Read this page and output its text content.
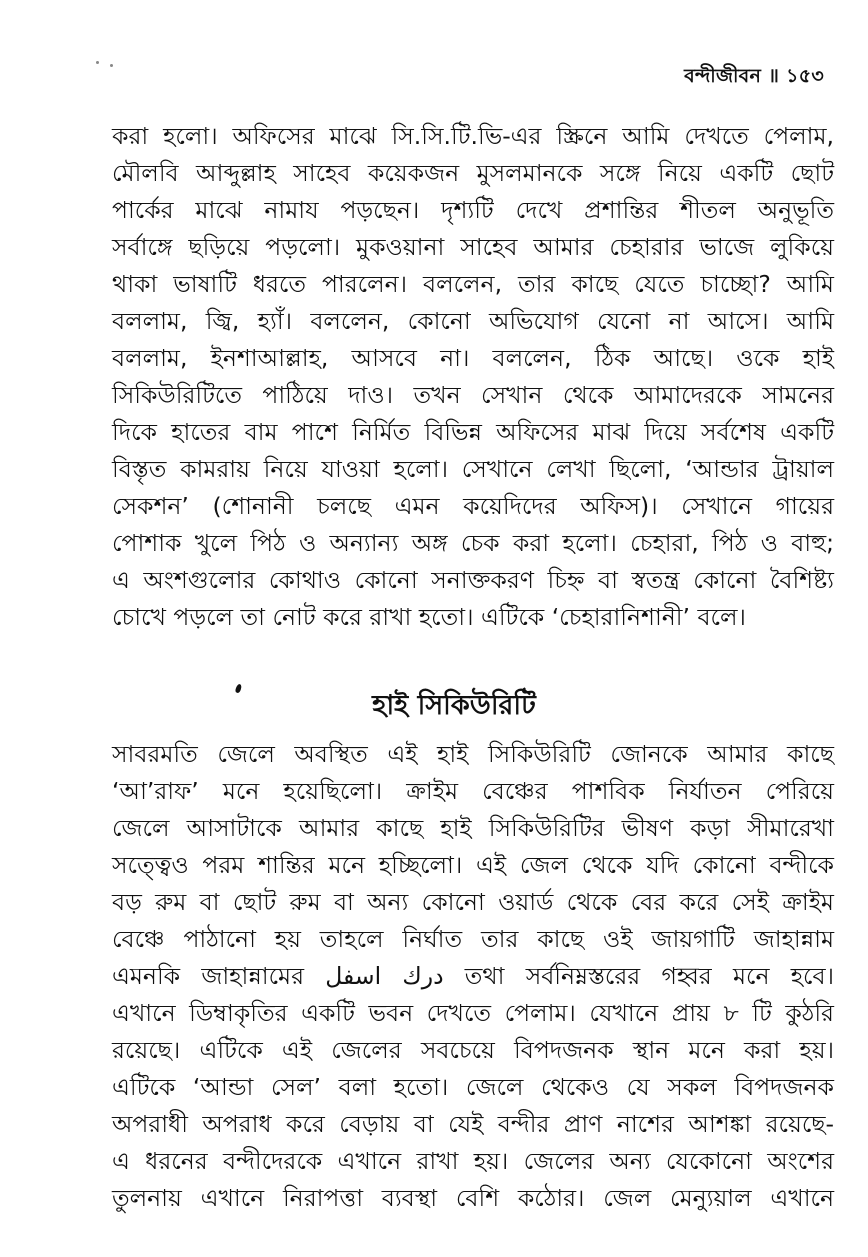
বন্দীজীবন ॥ ১৫৩
করা হলো। অফিসের মাঝে সি.সি.টি.ভি-এর স্ক্রিনে আমি দেখতে পেলাম,
মৌলবি আব্দুল্লাহ সাহেব কয়েকজন মুসলমানকে সঙ্গে নিয়ে একটি ছোট
পার্কের মাঝে নামায পড়ছেন। দৃশ্যটি দেখে প্রশান্তির শীতল অনুভূতি
সর্বাঙ্গে ছড়িয়ে পড়লো। মুকওয়ানা সাহেব আমার চেহারার ভাজে লুকিয়ে
থাকা ভাষাটি ধরতে পারলেন। বললেন, তার কাছে যেতে চাচ্ছো? আমি
বললাম, জ্বি, হ্যাঁ। বললেন, কোনো অভিযোগ যেনো না আসে। আমি
বললাম, ইনশাআল্লাহ, আসবে না। বললেন, ঠিক আছে। ওকে হাই
সিকিউরিটিতে পাঠিয়ে দাও। তখন সেখান থেকে আমাদেরকে সামনের
দিকে হাতের বাম পাশে নির্মিত বিভিন্ন অফিসের মাঝ দিয়ে সর্বশেষ একটি
বিস্তৃত কামরায় নিয়ে যাওয়া হলো। সেখানে লেখা ছিলো, ‘আন্ডার ট্রায়াল
সেকশন’ (শোনানী চলছে এমন কয়েদিদের অফিস)। সেখানে গায়ের
পোশাক খুলে পিঠ ও অন্যান্য অঙ্গ চেক করা হলো। চেহারা, পিঠ ও বাহু;
এ অংশগুলোর কোথাও কোনো সনাক্তকরণ চিহ্ন বা স্বতন্ত্র কোনো বৈশিষ্ট্য
চোখে পড়লে তা নোট করে রাখা হতো। এটিকে ‘চেহারানিশানী’ বলে।
হাই সিকিউরিটি
সাবরমতি জেলে অবস্থিত এই হাই সিকিউরিটি জোনকে আমার কাছে
‘আ’রাফ’ মনে হয়েছিলো। ক্রাইম বেঞ্চের পাশবিক নির্যাতন পেরিয়ে
জেলে আসাটাকে আমার কাছে হাই সিকিউরিটির ভীষণ কড়া সীমারেখা
সত্ত্বেও পরম শান্তির মনে হচ্ছিলো। এই জেল থেকে যদি কোনো বন্দীকে
বড় রুম বা ছোট রুম বা অন্য কোনো ওয়ার্ড থেকে বের করে সেই ক্রাইম
বেঞ্চে পাঠানো হয় তাহলে নির্ঘাত তার কাছে ওই জায়গাটি জাহান্নাম
এমনকি জাহান্নামের درك اسفل তথা সর্বনিম্নস্তরের গহ্বর মনে হবে।
এখানে ডিম্বাকৃতির একটি ভবন দেখতে পেলাম। যেখানে প্রায় ৮ টি কুঠরি
রয়েছে। এটিকে এই জেলের সবচেয়ে বিপদজনক স্থান মনে করা হয়।
এটিকে ‘আন্ডা সেল’ বলা হতো। জেলে থেকেও যে সকল বিপদজনক
অপরাধী অপরাধ করে বেড়ায় বা যেই বন্দীর প্রাণ নাশের আশঙ্কা রয়েছে-
এ ধরনের বন্দীদেরকে এখানে রাখা হয়। জেলের অন্য যেকোনো অংশের
তুলনায় এখানে নিরাপত্তা ব্যবস্থা বেশি কঠোর। জেল মেন্যুয়াল এখানে
